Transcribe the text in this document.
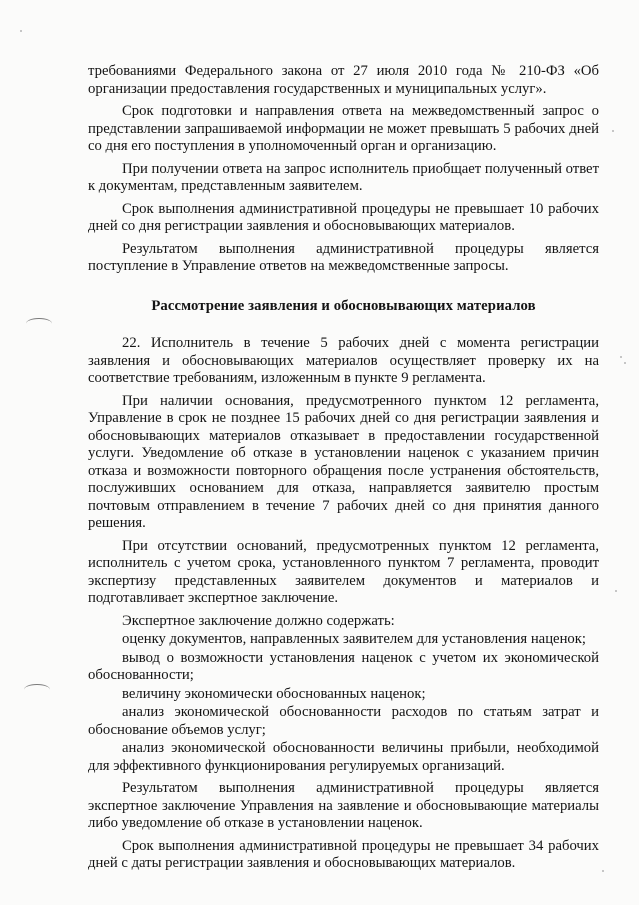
требованиями Федерального закона от 27 июля 2010 года № 210-ФЗ «Об организации предоставления государственных и муниципальных услуг».

Срок подготовки и направления ответа на межведомственный запрос о представлении запрашиваемой информации не может превышать 5 рабочих дней со дня его поступления в уполномоченный орган и организацию.

При получении ответа на запрос исполнитель приобщает полученный ответ к документам, представленным заявителем.

Срок выполнения административной процедуры не превышает 10 рабочих дней со дня регистрации заявления и обосновывающих материалов.

Результатом выполнения административной процедуры является поступление в Управление ответов на межведомственные запросы.

Рассмотрение заявления и обосновывающих материалов

22. Исполнитель в течение 5 рабочих дней с момента регистрации заявления и обосновывающих материалов осуществляет проверку их на соответствие требованиям, изложенным в пункте 9 регламента.

При наличии основания, предусмотренного пунктом 12 регламента, Управление в срок не позднее 15 рабочих дней со дня регистрации заявления и обосновывающих материалов отказывает в предоставлении государственной услуги. Уведомление об отказе в установлении наценок с указанием причин отказа и возможности повторного обращения после устранения обстоятельств, послуживших основанием для отказа, направляется заявителю простым почтовым отправлением в течение 7 рабочих дней со дня принятия данного решения.

При отсутствии оснований, предусмотренных пунктом 12 регламента, исполнитель с учетом срока, установленного пунктом 7 регламента, проводит экспертизу представленных заявителем документов и материалов и подготавливает экспертное заключение.

Экспертное заключение должно содержать:

оценку документов, направленных заявителем для установления наценок;

вывод о возможности установления наценок с учетом их экономической обоснованности;

величину экономически обоснованных наценок;

анализ экономической обоснованности расходов по статьям затрат и обоснование объемов услуг;

анализ экономической обоснованности величины прибыли, необходимой для эффективного функционирования регулируемых организаций.

Результатом выполнения административной процедуры является экспертное заключение Управления на заявление и обосновывающие материалы либо уведомление об отказе в установлении наценок.

Срок выполнения административной процедуры не превышает 34 рабочих дней с даты регистрации заявления и обосновывающих материалов.
